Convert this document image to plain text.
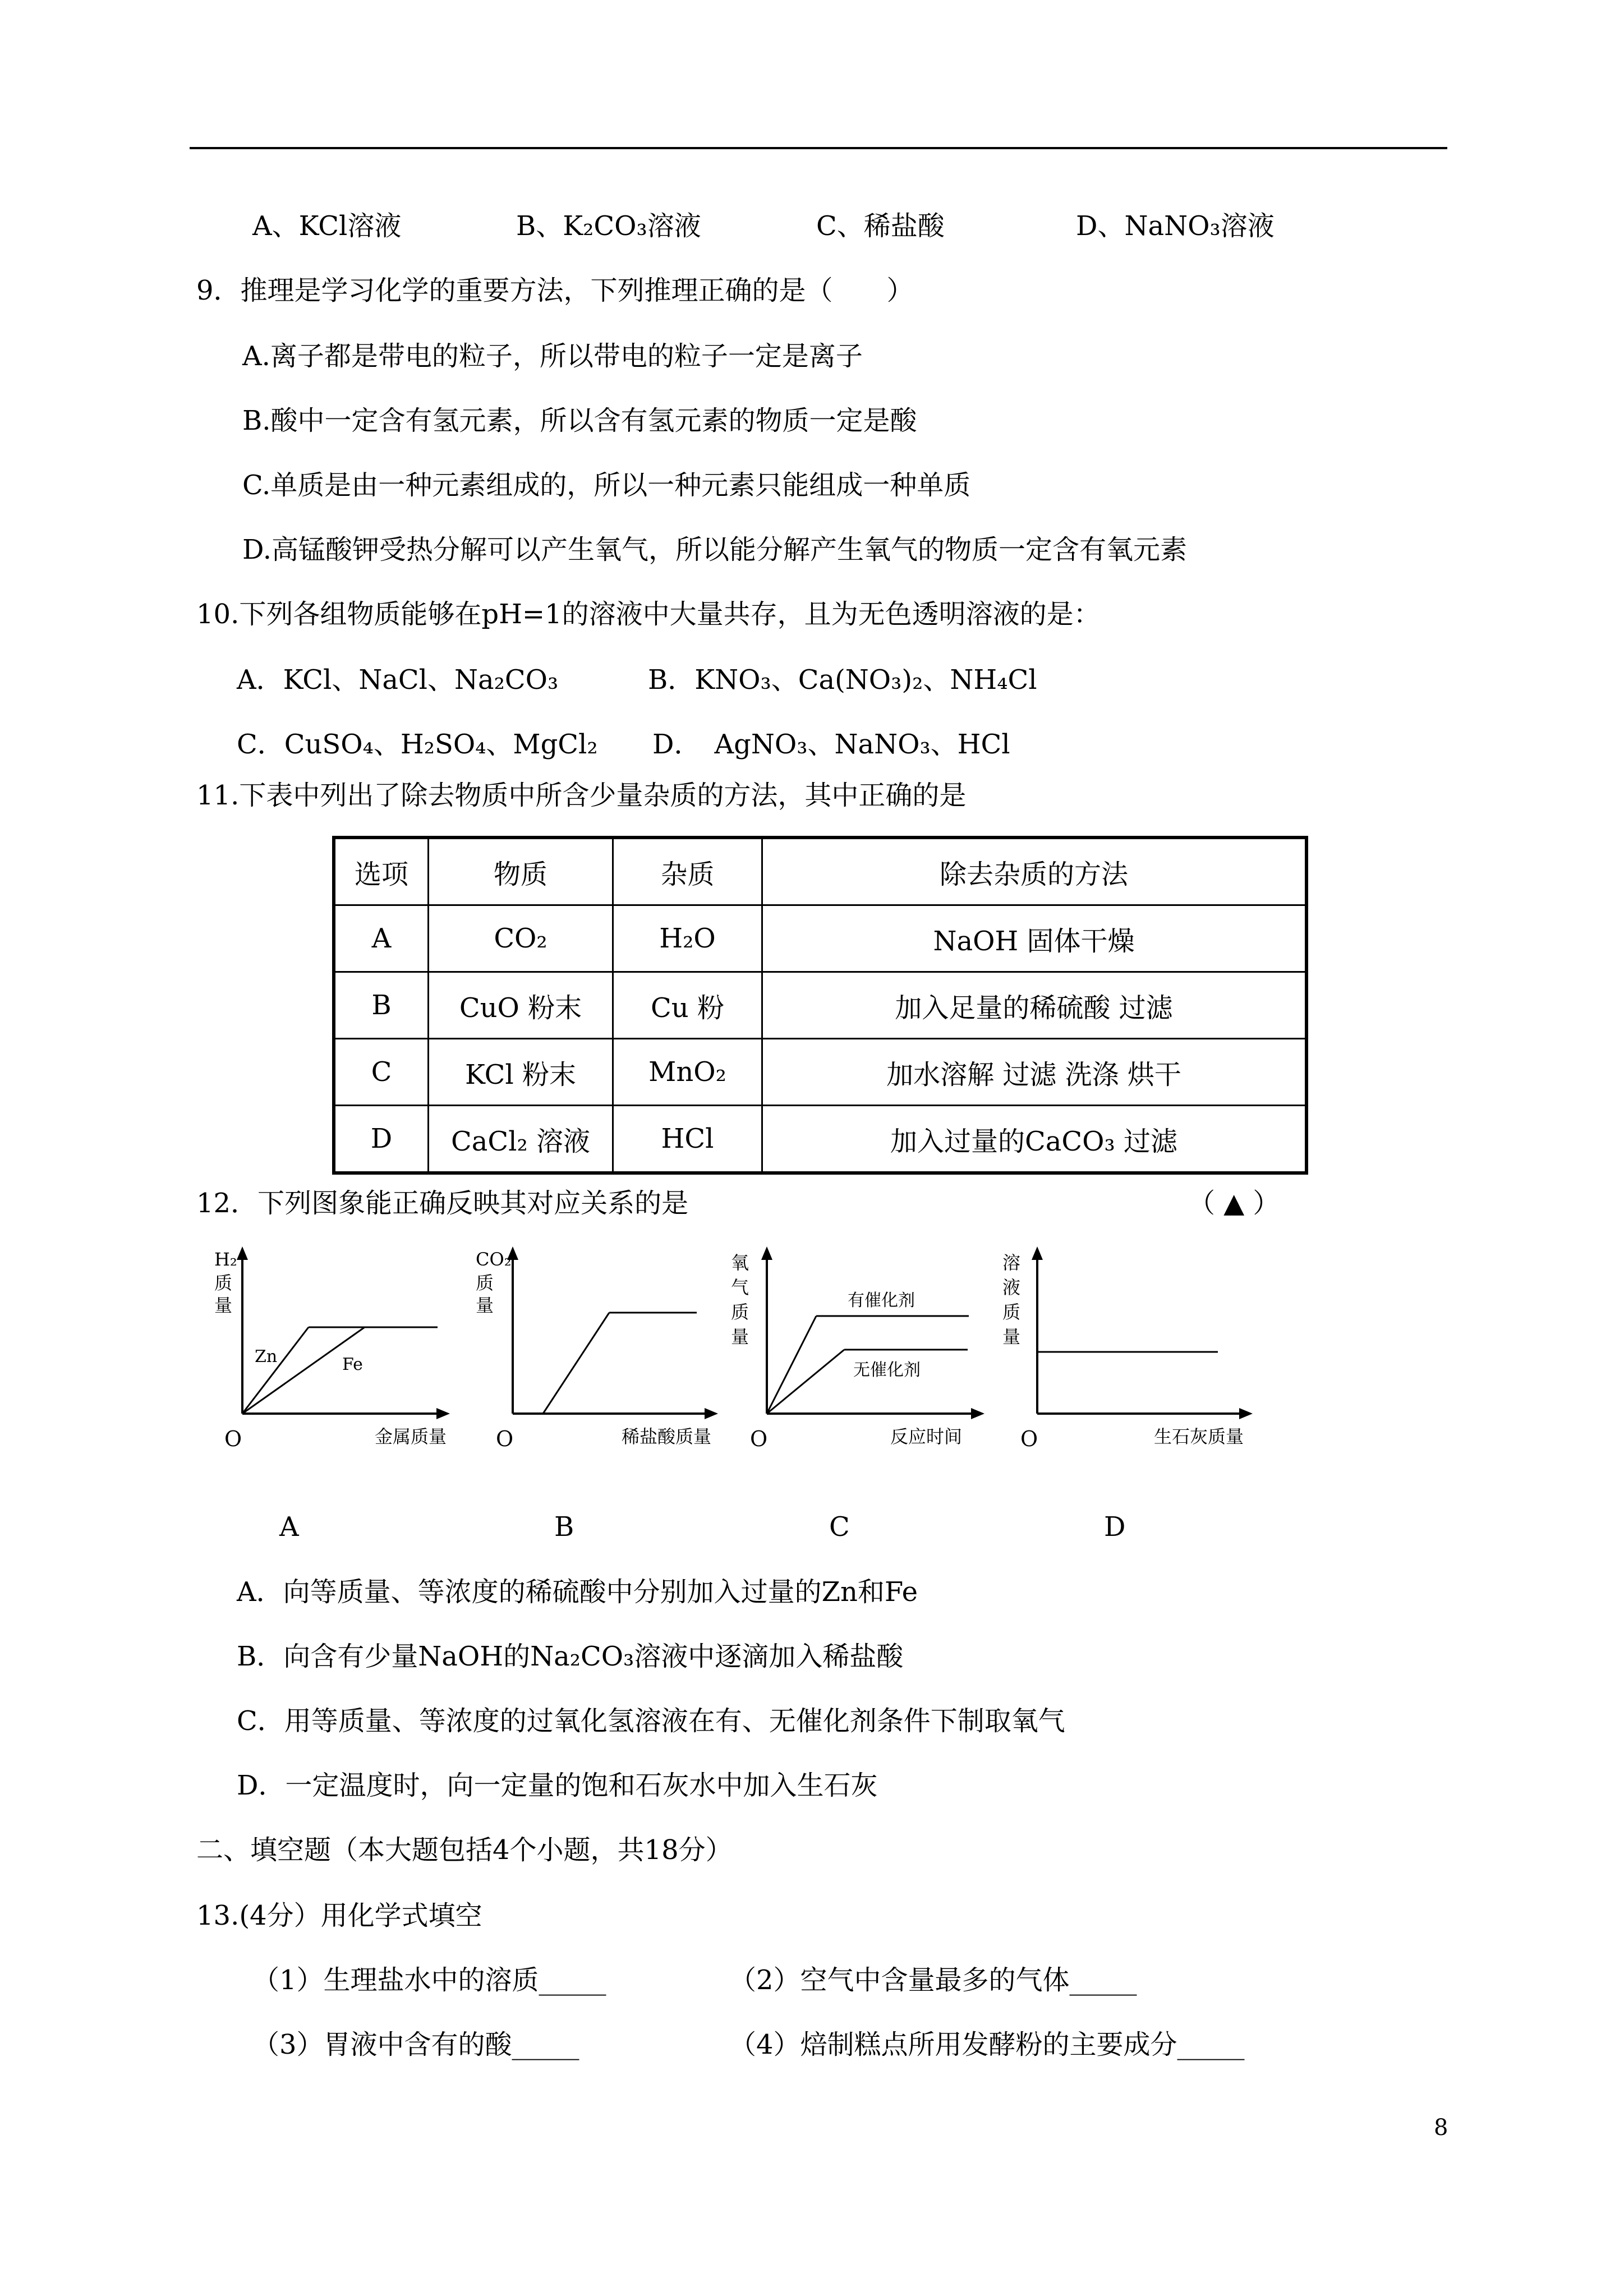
A、KCl溶液	B、K₂CO₃溶液	C、稀盐酸	D、NaNO₃溶液
9．推理是学习化学的重要方法，下列推理正确的是（　　）
A.离子都是带电的粒子，所以带电的粒子一定是离子
B.酸中一定含有氢元素，所以含有氢元素的物质一定是酸
C.单质是由一种元素组成的，所以一种元素只能组成一种单质
D.高锰酸钾受热分解可以产生氧气，所以能分解产生氧气的物质一定含有氧元素
10.下列各组物质能够在pH=1的溶液中大量共存，且为无色透明溶液的是：
A．KCl、NaCl、Na₂CO₃	B．KNO₃、Ca(NO₃)₂、NH₄Cl
C．CuSO₄、H₂SO₄、MgCl₂ D．　AgNO₃、NaNO₃、HCl
11.下表中列出了除去物质中所含少量杂质的方法，其中正确的是
选项	物质	杂质	除去杂质的方法
A	CO₂	H₂O	NaOH 固体干燥
B	CuO 粉末	Cu 粉	加入足量的稀硫酸 过滤
C	KCl 粉末	MnO₂	加水溶解 过滤 洗涤 烘干
D	CaCl₂ 溶液	HCl	加入过量的CaCO₃ 过滤
12．下列图象能正确反映其对应关系的是	（ ▲ ）
H₂
质
量
Zn	Fe
O	金属质量
A
CO₂
质
量
O	稀盐酸质量
B
氧
气
质
量
有催化剂
无催化剂
O	反应时间
C
溶
液
质
量
O	生石灰质量
D
A．向等质量、等浓度的稀硫酸中分别加入过量的Zn和Fe
B．向含有少量NaOH的Na₂CO₃溶液中逐滴加入稀盐酸
C．用等质量、等浓度的过氧化氢溶液在有、无催化剂条件下制取氧气
D．一定温度时，向一定量的饱和石灰水中加入生石灰
二、填空题（本大题包括4个小题，共18分）
13.(4分）用化学式填空
（1）生理盐水中的溶质_____	（2）空气中含量最多的气体_____
（3）胃液中含有的酸_____	（4）焙制糕点所用发酵粉的主要成分_____
8
